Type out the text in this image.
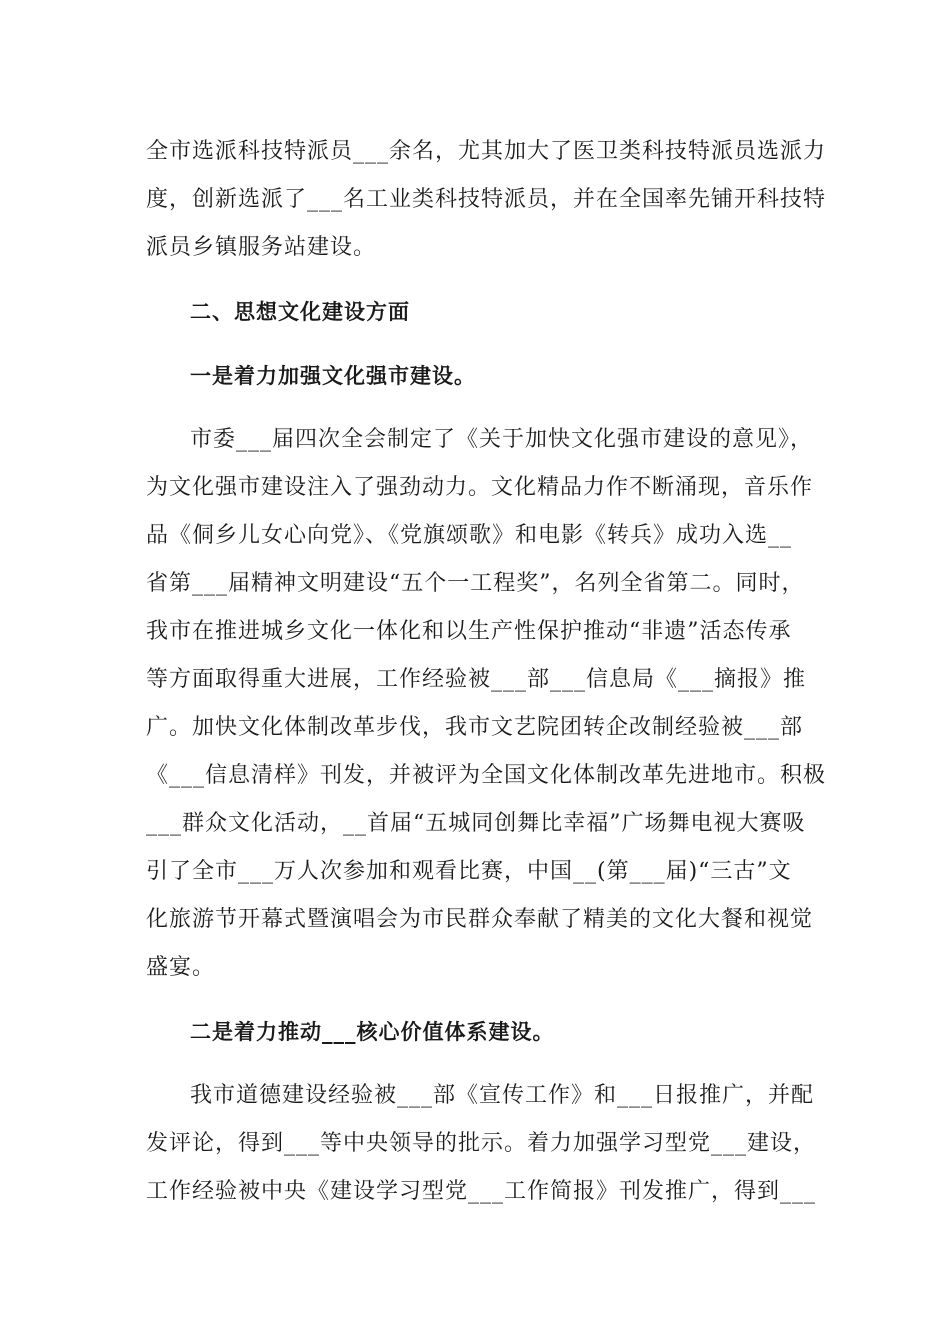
全市选派科技特派员___余名，尤其加大了医卫类科技特派员选派力
度，创新选派了___名工业类科技特派员，并在全国率先铺开科技特
派员乡镇服务站建设。
二、思想文化建设方面
一是着力加强文化强市建设。
市委___届四次全会制定了《关于加快文化强市建设的意见》，
为文化强市建设注入了强劲动力。文化精品力作不断涌现，音乐作
品《侗乡儿女心向党》、《党旗颂歌》和电影《转兵》成功入选__
省第___届精神文明建设“五个一工程奖”，名列全省第二。同时，
我市在推进城乡文化一体化和以生产性保护推动“非遗”活态传承
等方面取得重大进展，工作经验被___部___信息局《___摘报》推
广。加快文化体制改革步伐，我市文艺院团转企改制经验被___部
《___信息清样》刊发，并被评为全国文化体制改革先进地市。积极
___群众文化活动，__首届“五城同创舞比幸福”广场舞电视大赛吸
引了全市___万人次参加和观看比赛，中国__(第___届)“三古”文
化旅游节开幕式暨演唱会为市民群众奉献了精美的文化大餐和视觉
盛宴。
二是着力推动___核心价值体系建设。
我市道德建设经验被___部《宣传工作》和___日报推广，并配
发评论，得到___等中央领导的批示。着力加强学习型党___建设，
工作经验被中央《建设学习型党___工作简报》刊发推广，得到___
